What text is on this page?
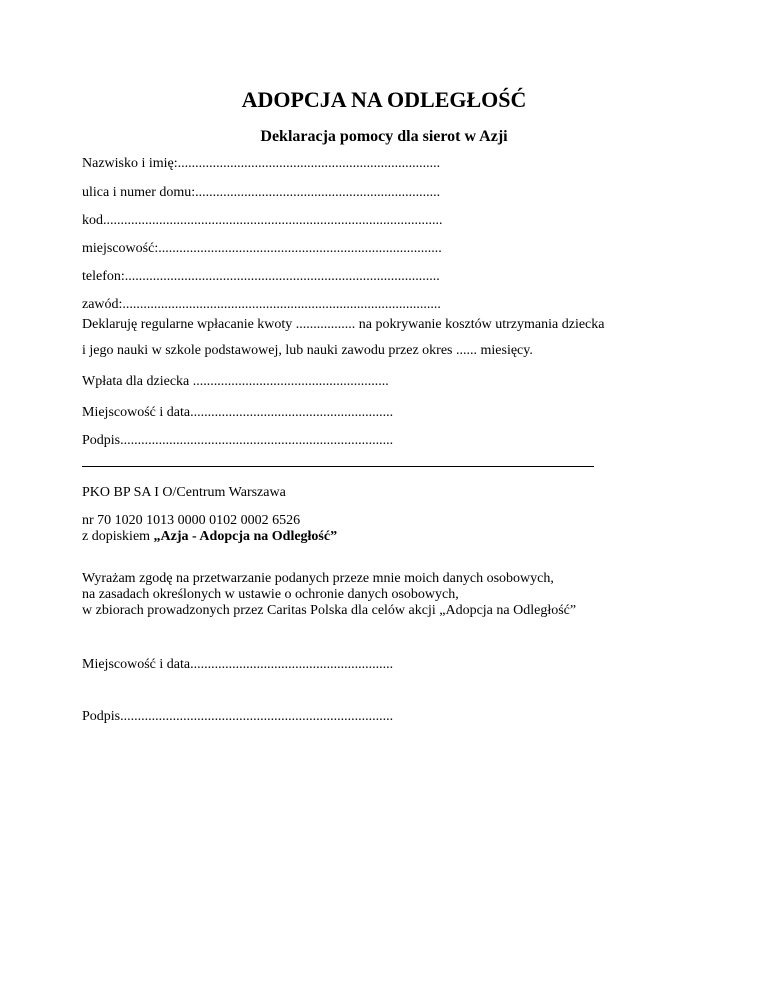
ADOPCJA NA ODLEGŁOŚĆ
Deklaracja pomocy dla sierot w Azji
Nazwisko i imię:...........................................................................
ulica i numer domu:......................................................................
kod.................................................................................................
miejscowość:.................................................................................
telefon:..........................................................................................
zawód:...........................................................................................
Deklaruję regularne wpłacanie kwoty ................. na pokrywanie kosztów utrzymania dziecka
i jego nauki w szkole podstawowej, lub nauki zawodu przez okres ...... miesięcy.
Wpłata dla dziecka ........................................................
Miejscowość i data..........................................................
Podpis..............................................................................
PKO BP SA I O/Centrum Warszawa
nr 70 1020 1013 0000 0102 0002 6526
z dopiskiem „Azja - Adopcja na Odległość”
Wyrażam zgodę na przetwarzanie podanych przeze mnie moich danych osobowych,
na zasadach określonych w ustawie o ochronie danych osobowych,
w zbiorach prowadzonych przez Caritas Polska dla celów akcji „Adopcja na Odległość”
Miejscowość i data..........................................................
Podpis..............................................................................
